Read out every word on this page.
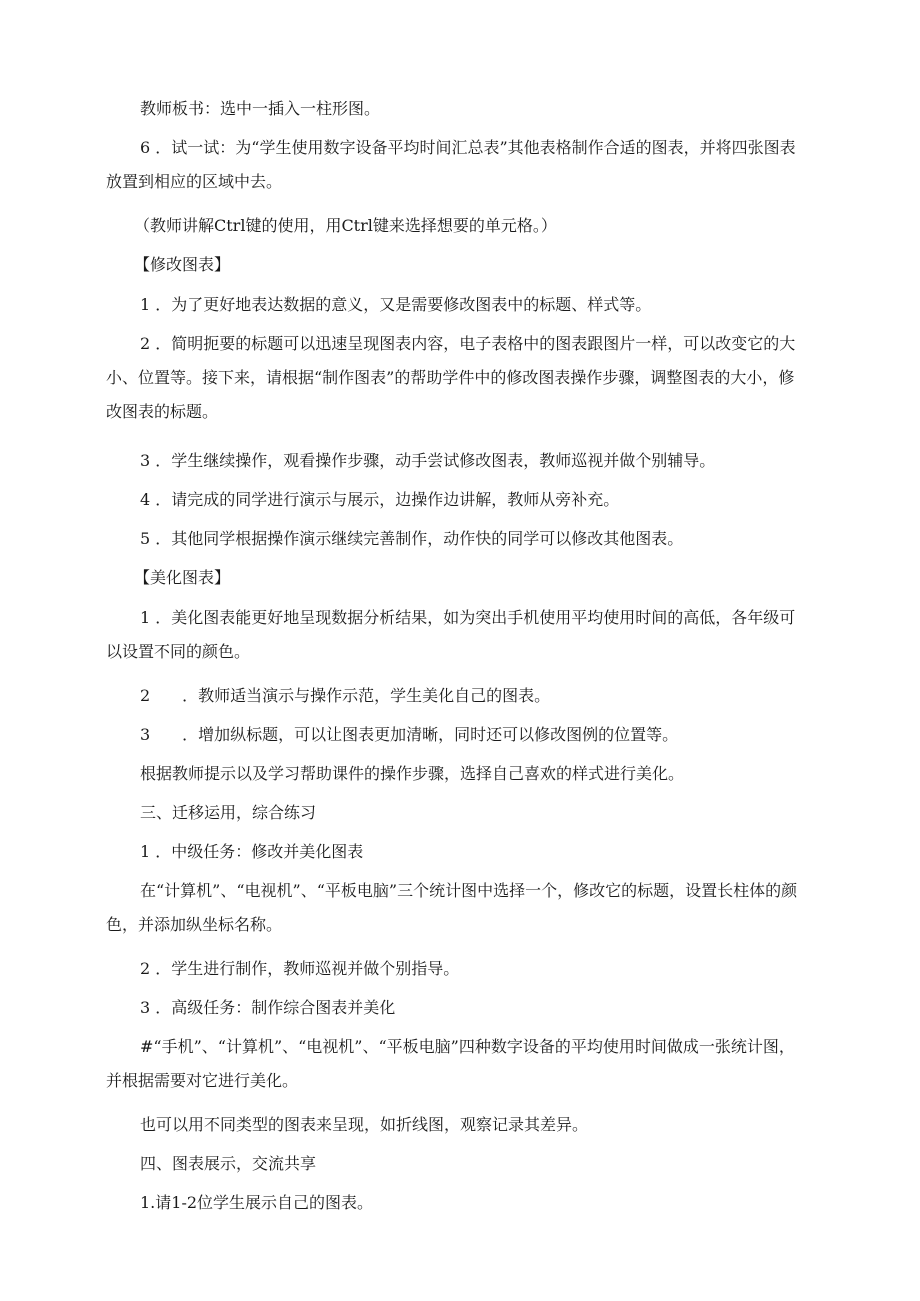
教师板书：选中一插入一柱形图。

6 ．试一试：为“学生使用数字设备平均时间汇总表”其他表格制作合适的图表，并将四张图表放置到相应的区域中去。

（教师讲解Ctrl键的使用，用Ctrl键来选择想要的单元格。）

【修改图表】

1 ．为了更好地表达数据的意义，又是需要修改图表中的标题、样式等。

2 ．简明扼要的标题可以迅速呈现图表内容，电子表格中的图表跟图片一样，可以改变它的大小、位置等。接下来，请根据“制作图表”的帮助学件中的修改图表操作步骤，调整图表的大小，修改图表的标题。

3 ．学生继续操作，观看操作步骤，动手尝试修改图表，教师巡视并做个别辅导。

4 ．请完成的同学进行演示与展示，边操作边讲解，教师从旁补充。

5 ．其他同学根据操作演示继续完善制作，动作快的同学可以修改其他图表。

【美化图表】

1 ．美化图表能更好地呈现数据分析结果，如为突出手机使用平均使用时间的高低，各年级可以设置不同的颜色。

2　　．教师适当演示与操作示范，学生美化自己的图表。

3　　．增加纵标题，可以让图表更加清晰，同时还可以修改图例的位置等。

根据教师提示以及学习帮助课件的操作步骤，选择自己喜欢的样式进行美化。

三、迁移运用，综合练习

1 ．中级任务：修改并美化图表

在“计算机”、“电视机”、“平板电脑”三个统计图中选择一个，修改它的标题，设置长柱体的颜色，并添加纵坐标名称。

2 ．学生进行制作，教师巡视并做个别指导。

3 ．高级任务：制作综合图表并美化

#“手机”、“计算机”、“电视机”、“平板电脑”四种数字设备的平均使用时间做成一张统计图，并根据需要对它进行美化。

也可以用不同类型的图表来呈现，如折线图，观察记录其差异。

四、图表展示，交流共享

1.请1-2位学生展示自己的图表。
